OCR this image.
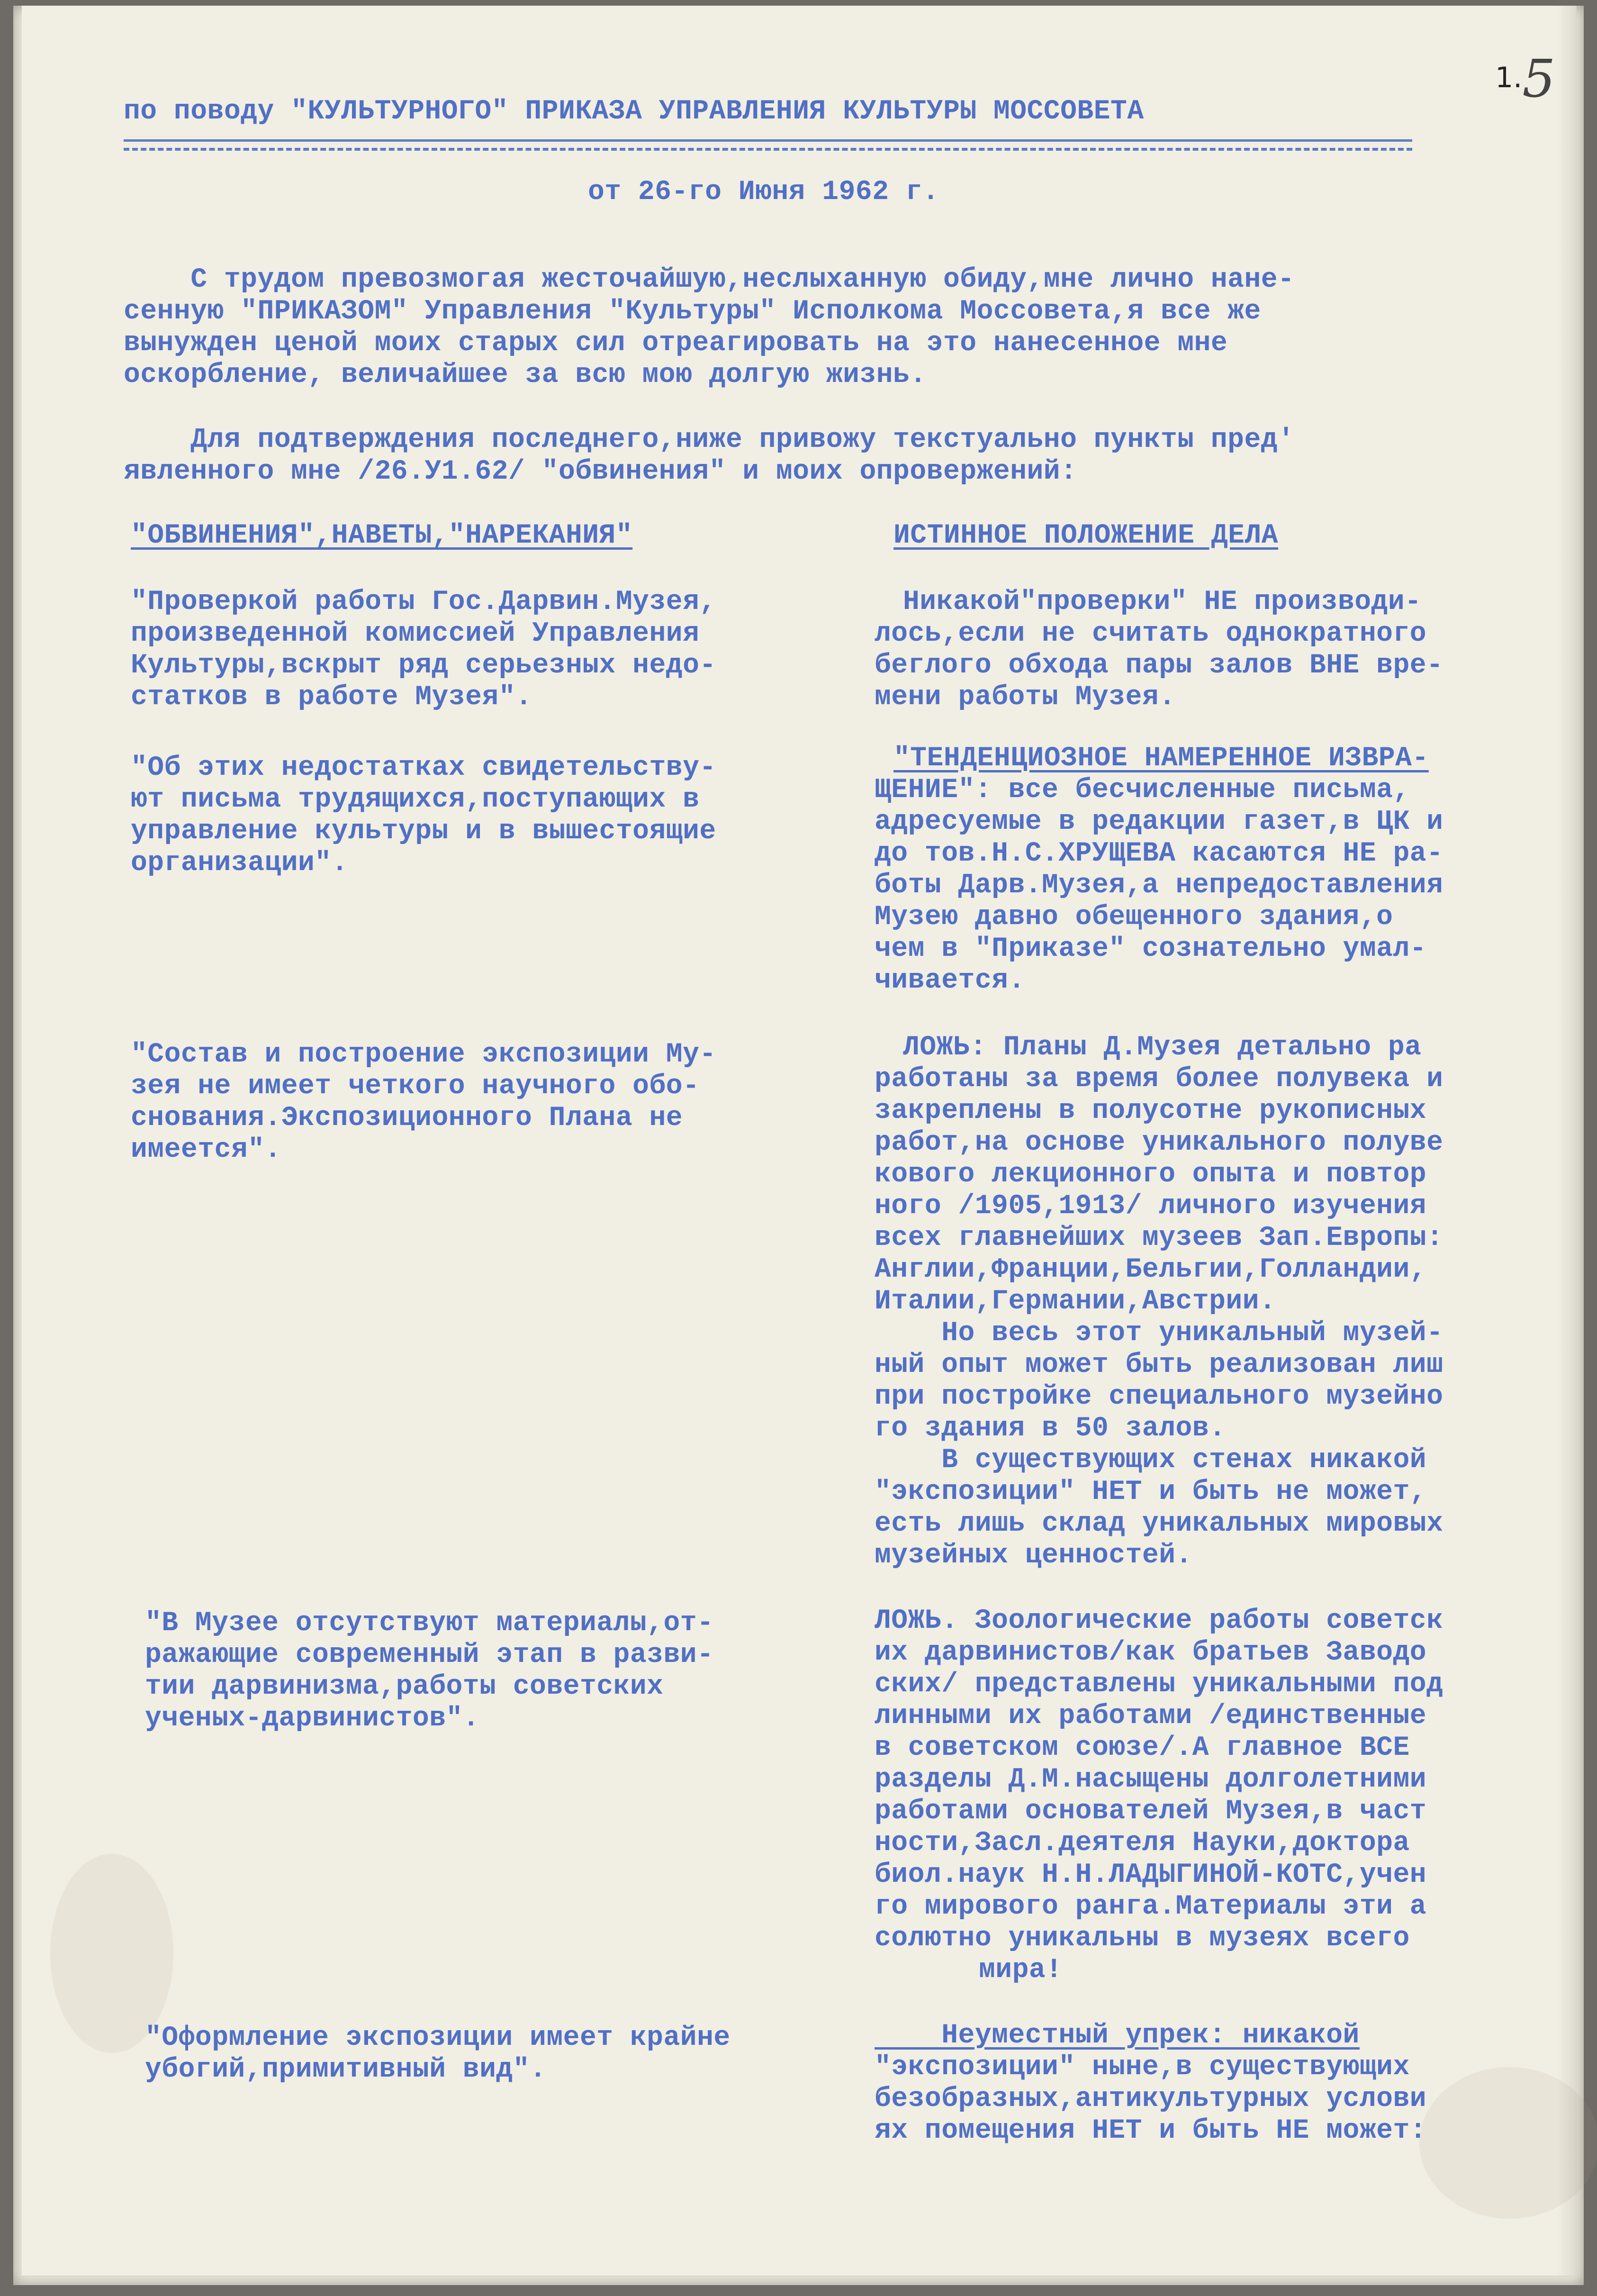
1.5
по поводу "КУЛЬТУРНОГО" ПРИКАЗА УПРАВЛЕНИЯ КУЛЬТУРЫ МОССОВЕТА
от 26-го Июня 1962 г.
С трудом превозмогая жесточайшую,неслыханную обиду,мне лично нане-
сенную "ПРИКАЗОМ" Управления "Культуры" Исполкома Моссовета,я все же
вынужден ценой моих старых сил отреагировать на это нанесенное мне
оскорбление, величайшее за всю мою долгую жизнь.
Для подтверждения последнего,ниже привожу текстуально пункты пред'
явленного мне /26.У1.62/ "обвинения" и моих опровержений:
"ОБВИНЕНИЯ",НАВЕТЫ,"НАРЕКАНИЯ"	ИСТИННОЕ ПОЛОЖЕНИЕ ДЕЛА
"Проверкой работы Гос.Дарвин.Музея,
произведенной комиссией Управления
Культуры,вскрыт ряд серьезных недо-
статков в работе Музея".
Никакой"проверки" НЕ производи-
лось,если не считать однократного
беглого обхода пары залов ВНЕ вре-
мени работы Музея.
"Об этих недостатках свидетельству-
ют письма трудящихся,поступающих в
управление культуры и в вышестоящие
организации".
"ТЕНДЕНЦИОЗНОЕ НАМЕРЕННОЕ ИЗВРА-
ЩЕНИЕ": все бесчисленные письма,
адресуемые в редакции газет,в ЦК и
до тов.Н.С.ХРУЩЕВА касаются НЕ ра-
боты Дарв.Музея,а непредоставления
Музею давно обещенного здания,о
чем в "Приказе" сознательно умал-
чивается.
"Состав и построение экспозиции Му-
зея не имеет четкого научного обо-
снования.Экспозиционного Плана не
имеется".
ЛОЖЬ: Планы Д.Музея детально ра
работаны за время более полувека и
закреплены в полусотне рукописных
работ,на основе уникального полуве
кового лекционного опыта и повтор
ного /1905,1913/ личного изучения
всех главнейших музеев Зап.Европы:
Англии,Франции,Бельгии,Голландии,
Италии,Германии,Австрии.
Но весь этот уникальный музей-
ный опыт может быть реализован лиш
при постройке специального музейно
го здания в 50 залов.
В существующих стенах никакой
"экспозиции" НЕТ и быть не может,
есть лишь склад уникальных мировых
музейных ценностей.
"В Музее отсутствуют материалы,от-
ражающие современный этап в разви-
тии дарвинизма,работы советских
ученых-дарвинистов".
ЛОЖЬ. Зоологические работы советск
их дарвинистов/как братьев Заводо
ских/ представлены уникальными под
линными их работами /единственные
в советском союзе/.А главное ВСЕ
разделы Д.М.насыщены долголетними
работами основателей Музея,в част
ности,Засл.деятеля Науки,доктора
биол.наук Н.Н.ЛАДЫГИНОЙ-КОТС,учен
го мирового ранга.Материалы эти а
солютно уникальны в музеях всего
мира!
"Оформление экспозиции имеет крайне
убогий,примитивный вид".
Неуместный упрек: никакой
"экспозиции" ныне,в существующих
безобразных,антикультурных услови
ях помещения НЕТ и быть НЕ может:
